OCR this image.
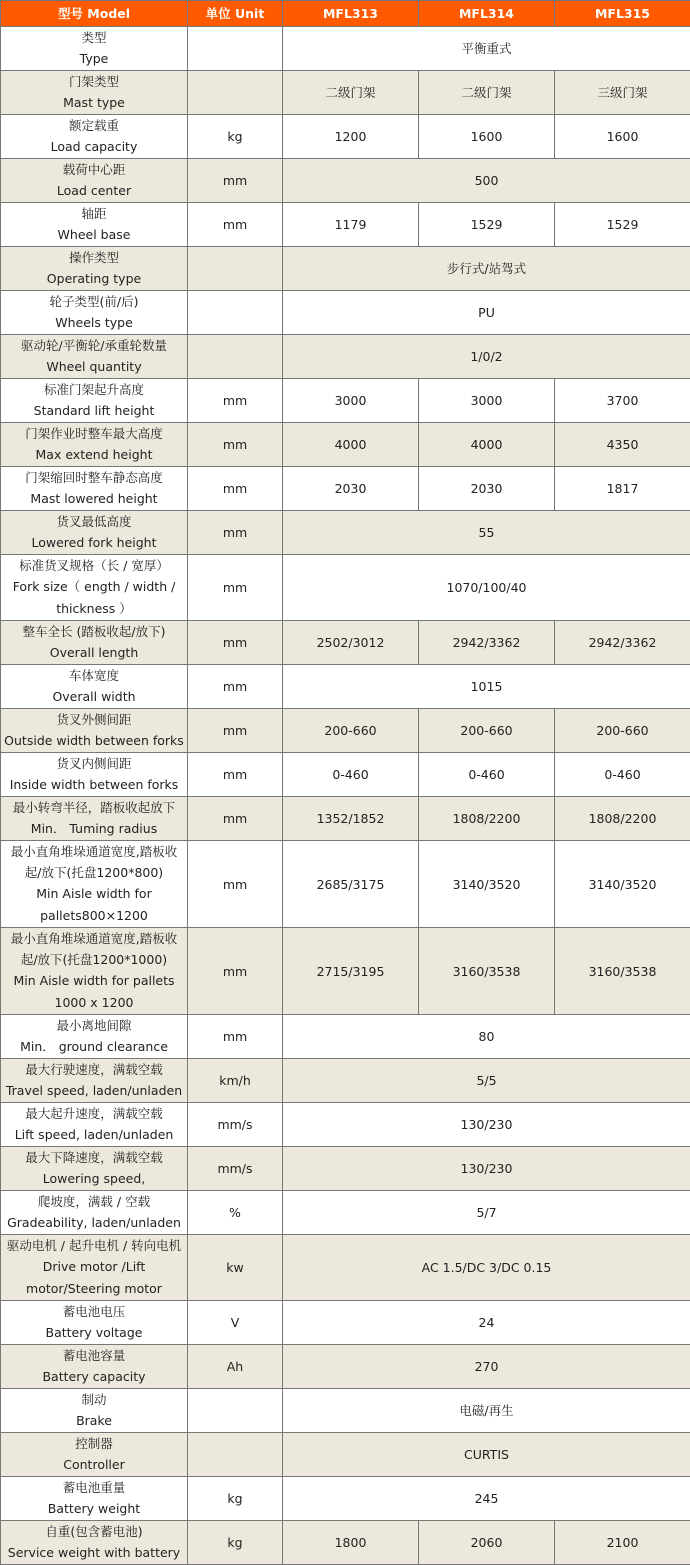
型号 Model	单位 Unit	MFL313	MFL314	MFL315

类型
Type		平衡重式		

门架类型
Mast type		二级门架	二级门架	三级门架

额定载重
Load capacity	kg	1200	1600	1600

载荷中心距
Load center	mm	500		

轴距
Wheel base	mm	1179	1529	1529

操作类型
Operating type		步行式/站驾式		

轮子类型(前/后)
Wheels type		PU		

驱动轮/平衡轮/承重轮数量
Wheel quantity		1/0/2		

标准门架起升高度
Standard lift height	mm	3000	3000	3700

门架作业时整车最大高度
Max extend height	mm	4000	4000	4350

门架缩回时整车静态高度
Mast lowered height	mm	2030	2030	1817

货叉最低高度
Lowered fork height	mm	55		

标准货叉规格（长 / 宽厚）
Fork size（ ength / width / thickness ）	mm	1070/100/40		

整车全长 (踏板收起/放下)
Overall length	mm	2502/3012	2942/3362	2942/3362

车体宽度
Overall width	mm	1015		

货叉外侧间距
Outside width between forks	mm	200-660	200-660	200-660

货叉内侧间距
Inside width between forks	mm	0-460	0-460	0-460

最小转弯半径，踏板收起放下
Min． Tuming radius	mm	1352/1852	1808/2200	1808/2200

最小直角堆垛通道宽度,踏板收起/放下(托盘1200*800)
Min Aisle width for pallets800×1200	mm	2685/3175	3140/3520	3140/3520

最小直角堆垛通道宽度,踏板收起/放下(托盘1200*1000)
Min Aisle width for pallets 1000 x 1200	mm	2715/3195	3160/3538	3160/3538

最小离地间隙
Min． ground clearance	mm	80		

最大行驶速度，满载空载
Travel speed, laden/unladen	km/h	5/5		

最大起升速度，满载空载
Lift speed, laden/unladen	mm/s	130/230		

最大下降速度，满载空载
Lowering speed,	mm/s	130/230		

爬坡度，满载 / 空载
Gradeability, laden/unladen	%	5/7		

驱动电机 / 起升电机 / 转向电机
Drive motor /Lift motor/Steering motor	kw	AC 1.5/DC 3/DC 0.15		

蓄电池电压
Battery voltage	V	24		

蓄电池容量
Battery capacity	Ah	270		

制动
Brake		电磁/再生		

控制器
Controller		CURTIS		

蓄电池重量
Battery weight	kg	245		

自重(包含蓄电池)
Service weight with battery	kg	1800	2060	2100
